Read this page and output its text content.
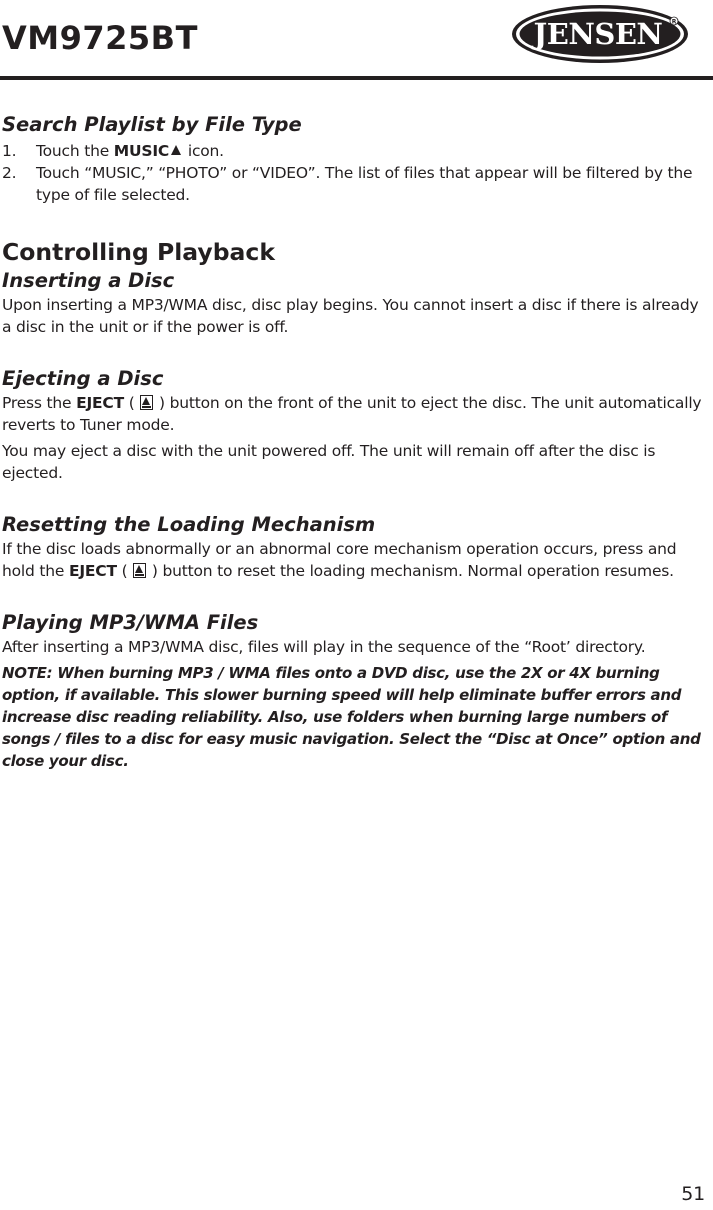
VM9725BT	JENSEN R
Search Playlist by File Type
1. Touch the MUSIC icon.
2. Touch “MUSIC,” “PHOTO” or “VIDEO”. The list of files that appear will be filtered by the type of file selected.
Controlling Playback
Inserting a Disc

Upon inserting a MP3/WMA disc, disc play begins. You cannot insert a disc if there is already a disc in the unit or if the power is off.

Ejecting a Disc

Press the EJECT (  ) button on the front of the unit to eject the disc. The unit automatically reverts to Tuner mode.

You may eject a disc with the unit powered off. The unit will remain off after the disc is ejected.

Resetting the Loading Mechanism

If the disc loads abnormally or an abnormal core mechanism operation occurs, press and hold the EJECT (  ) button to reset the loading mechanism. Normal operation resumes.

Playing MP3/WMA Files

After inserting a MP3/WMA disc, files will play in the sequence of the “Root’ directory.

NOTE: When burning MP3 / WMA files onto a DVD disc, use the 2X or 4X burning option, if available. This slower burning speed will help eliminate buffer errors and increase disc reading reliability. Also, use folders when burning large numbers of songs / files to a disc for easy music navigation. Select the “Disc at Once” option and close your disc.

51
